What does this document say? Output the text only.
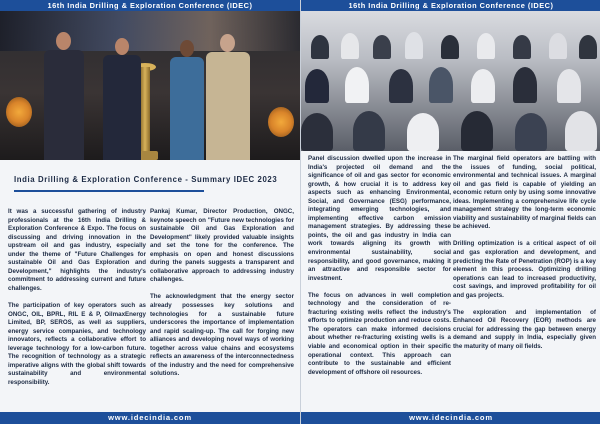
16th India Drilling & Exploration Conference (IDEC)
India Drilling & Exploration Conference - Summary IDEC 2023

It was a successful gathering of industry professionals at the 16th India Drilling & Exploration Conference & Expo. The focus on discussing and driving innovation in the upstream oil and gas industry, especially under the theme of "Future Challenges for sustainable Oil and Gas Exploration and Development," highlights the industry's commitment to addressing current and future challenges.

The participation of key operators such as ONGC, OIL, BPRL, RIL E & P, OilmaxEnergy Limited, BP, SEROS, as well as suppliers, energy service companies, and technology innovators, reflects a collaborative effort to leverage technology for a low-carbon future. The recognition of technology as a strategic imperative aligns with the global shift towards sustainability and environmental responsibility.

Pankaj Kumar, Director Production, ONGC, keynote speech on "Future new technologies for sustainable Oil and Gas Exploration and Development" likely provided valuable insights and set the tone for the conference. The emphasis on open and honest discussions during the panels suggests a transparent and collaborative approach to addressing industry challenges.

The acknowledgment that the energy sector already possesses key solutions and technologies for a sustainable future underscores the importance of implementation and rapid scaling-up. The call for forging new alliances and developing novel ways of working together across value chains and ecosystems reflects an awareness of the interconnectedness of the industry and the need for comprehensive solutions.

www.idecindia.com
16th India Drilling & Exploration Conference (IDEC)

Panel discussion dwelled upon the increase in India's projected oil demand and the significance of oil and gas sector for economic growth, & how crucial it is to address key aspects such as enhancing Environmental, Social, and Governance (ESG) performance, integrating emerging technologies, and implementing effective carbon emission management strategies. By addressing these points, the oil and gas industry in India can work towards aligning its growth with environmental sustainability, social responsibility, and good governance, making it an attractive and responsible sector for investment.

The focus on advances in well completion technology and the consideration of re-fracturing existing wells reflect the industry's efforts to optimize production and reduce costs. The operators can make informed decisions about whether re-fracturing existing wells is a viable and economical option in their specific operational context. This approach can contribute to the sustainable and efficient development of offshore oil resources.

The marginal field operators are battling with the issues of funding, social political, environmental and technical issues. A marginal oil and gas field is capable of yielding an economic return only by using some innovative ideas. Implementing a comprehensive life cycle management strategy the long-term economic viability and sustainability of marginal fields can be achieved.

Drilling optimization is a critical aspect of oil and gas exploration and development, and predicting the Rate of Penetration (ROP) is a key element in this process. Optimizing drilling operations can lead to increased productivity, cost savings, and improved profitability for oil and gas projects.

The exploration and implementation of Enhanced Oil Recovery (EOR) methods are crucial for addressing the gap between energy demand and supply in India, especially given the maturity of many oil fields.

www.idecindia.com
